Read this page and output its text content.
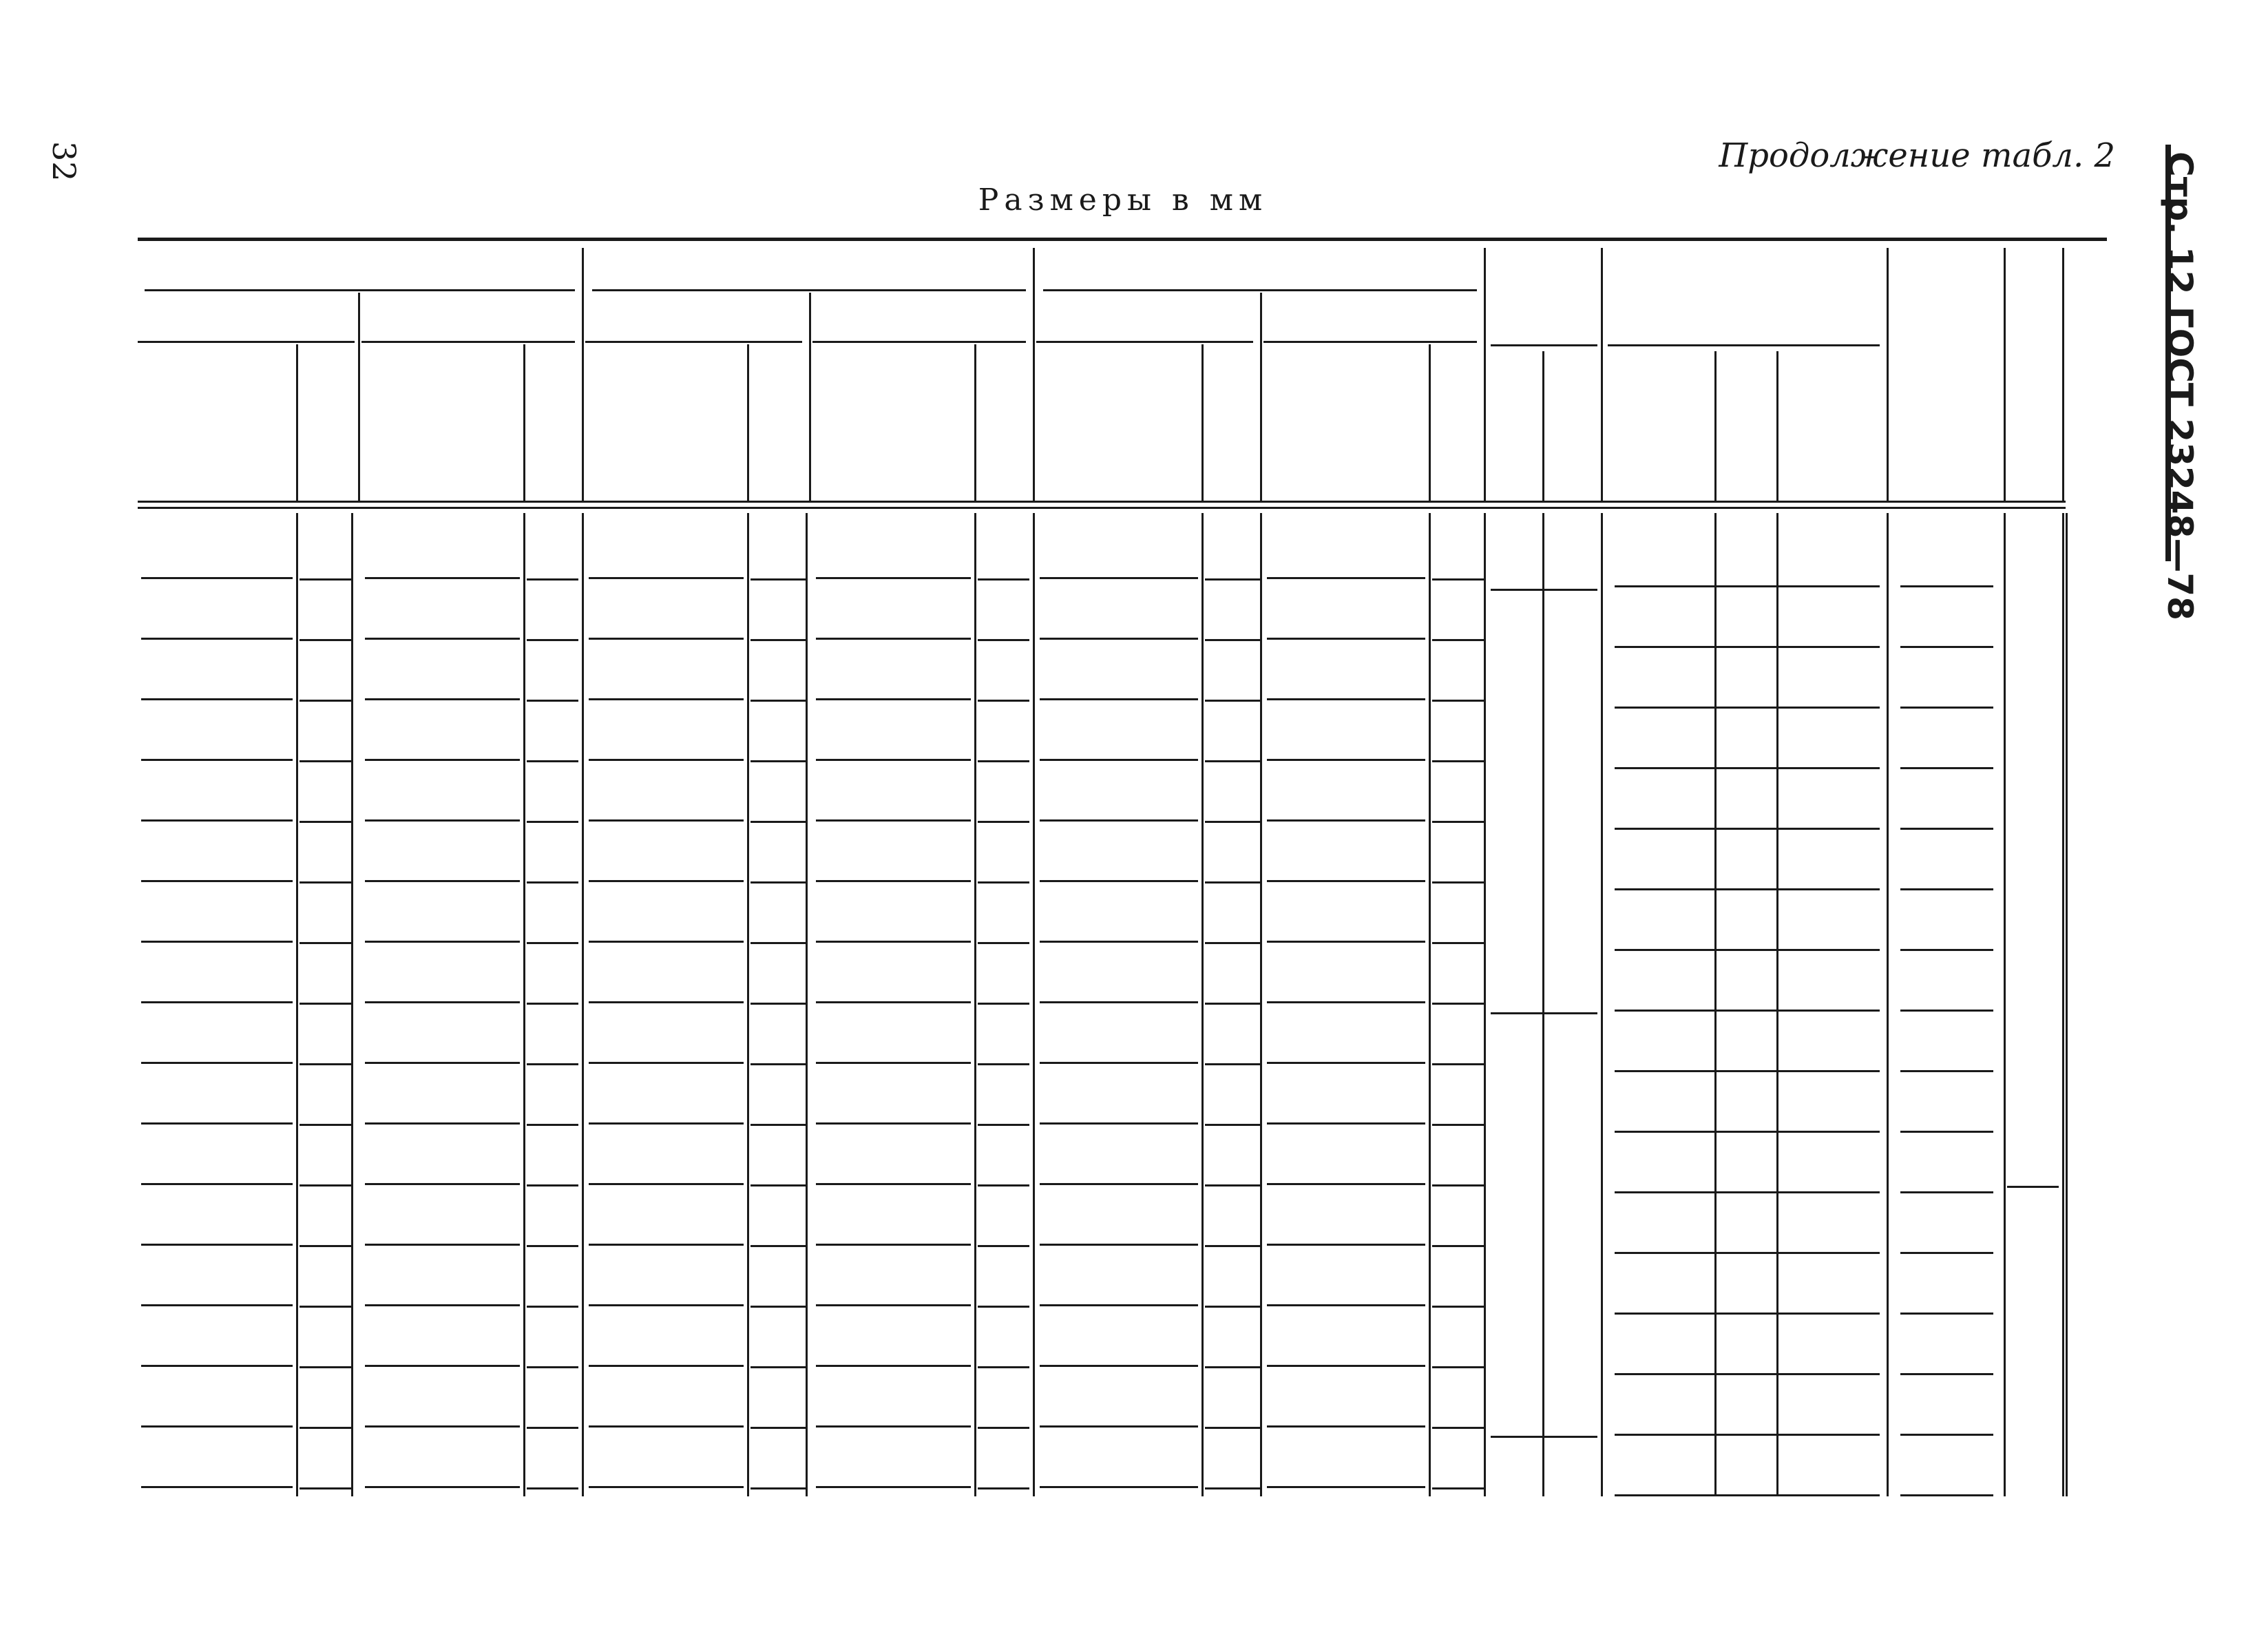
32	Продолжение табл. 2
Размеры в мм	Стр. 12 ГОСТ 23248—78
